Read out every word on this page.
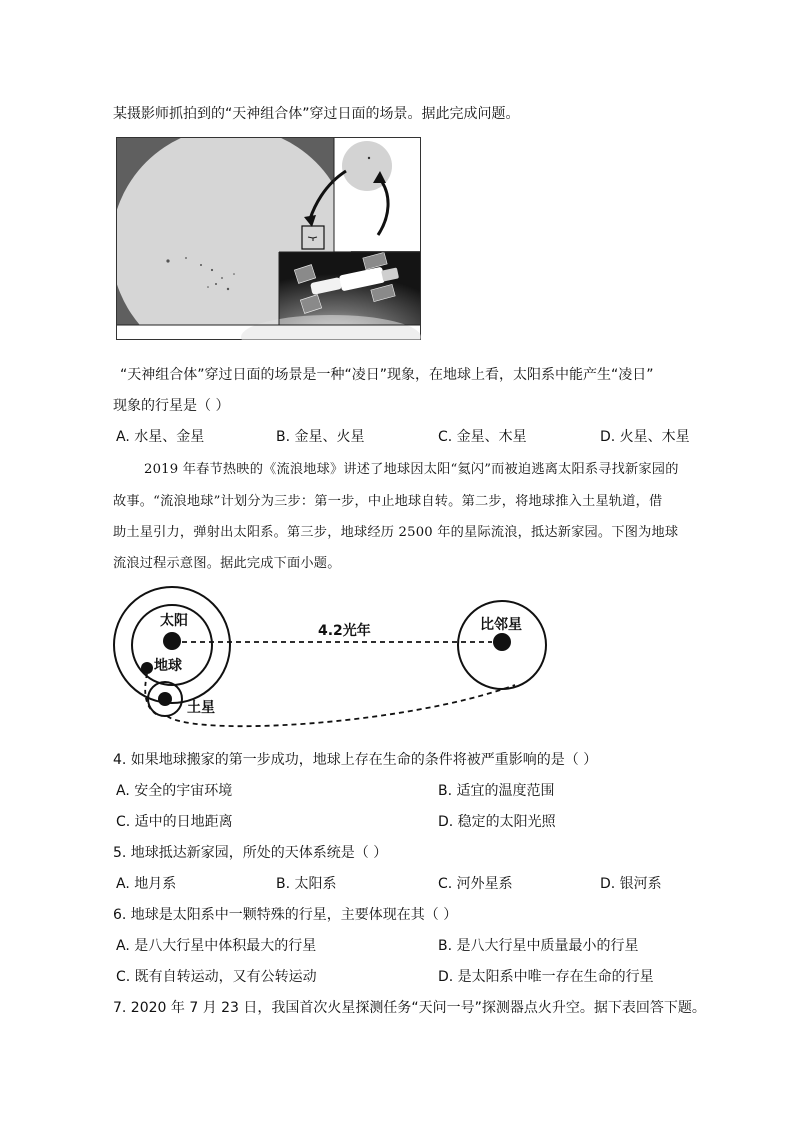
某摄影师抓拍到的“天神组合体”穿过日面的场景。据此完成问题。
“天神组合体”穿过日面的场景是一种“凌日”现象，在地球上看，太阳系中能产生“凌日”
现象的行星是（ ）
A. 水星、金星	B. 金星、火星	C. 金星、木星	D. 火星、木星
2019 年春节热映的《流浪地球》讲述了地球因太阳“氦闪”而被迫逃离太阳系寻找新家园的
故事。“流浪地球”计划分为三步：第一步，中止地球自转。第二步，将地球推入土星轨道，借
助土星引力，弹射出太阳系。第三步，地球经历 2500 年的星际流浪，抵达新家园。下图为地球
流浪过程示意图。据此完成下面小题。
太阳
地球
土星
比邻星
4.2光年
4. 如果地球搬家的第一步成功，地球上存在生命的条件将被严重影响的是（ ）
A. 安全的宇宙环境	B. 适宜的温度范围
C. 适中的日地距离	D. 稳定的太阳光照
5. 地球抵达新家园，所处的天体系统是（ ）
A. 地月系	B. 太阳系	C. 河外星系	D. 银河系
6. 地球是太阳系中一颗特殊的行星，主要体现在其（ ）
A. 是八大行星中体积最大的行星	B. 是八大行星中质量最小的行星
C. 既有自转运动，又有公转运动	D. 是太阳系中唯一存在生命的行星
7. 2020 年 7 月 23 日，我国首次火星探测任务“天问一号”探测器点火升空。据下表回答下题。
